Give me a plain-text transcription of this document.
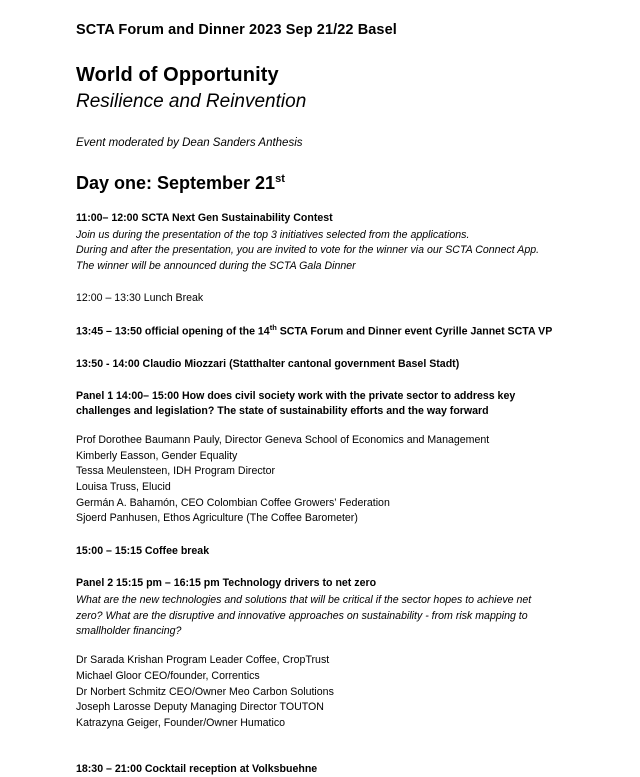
SCTA Forum and Dinner 2023 Sep 21/22 Basel
World of Opportunity
Resilience and Reinvention
Event moderated by Dean Sanders Anthesis
Day one: September 21st
11:00– 12:00 SCTA Next Gen Sustainability Contest
Join us during the presentation of the top 3 initiatives selected from the applications.
During and after the presentation, you are invited to vote for the winner via our SCTA Connect App.
The winner will be announced during the SCTA Gala Dinner
12:00 – 13:30 Lunch Break
13:45 – 13:50 official opening of the 14th SCTA Forum and Dinner event Cyrille Jannet SCTA VP
13:50 - 14:00 Claudio Miozzari (Statthalter cantonal government Basel Stadt)
Panel 1 14:00– 15:00 How does civil society work with the private sector to address key
challenges and legislation? The state of sustainability efforts and the way forward
Prof Dorothee Baumann Pauly, Director Geneva School of Economics and Management
Kimberly Easson, Gender Equality
Tessa Meulensteen, IDH Program Director
Louisa Truss, Elucid
Germán A. Bahamón, CEO Colombian Coffee Growers’ Federation
Sjoerd Panhusen, Ethos Agriculture (The Coffee Barometer)
15:00 – 15:15 Coffee break
Panel 2 15:15 pm – 16:15 pm Technology drivers to net zero
What are the new technologies and solutions that will be critical if the sector hopes to achieve net
zero? What are the disruptive and innovative approaches on sustainability - from risk mapping to
smallholder financing?
Dr Sarada Krishan Program Leader Coffee, CropTrust
Michael Gloor CEO/founder, Correntics
Dr Norbert Schmitz CEO/Owner Meo Carbon Solutions
Joseph Larosse Deputy Managing Director TOUTON
Katrazyna Geiger, Founder/Owner Humatico
18:30 – 21:00 Cocktail reception at Volksbuehne
